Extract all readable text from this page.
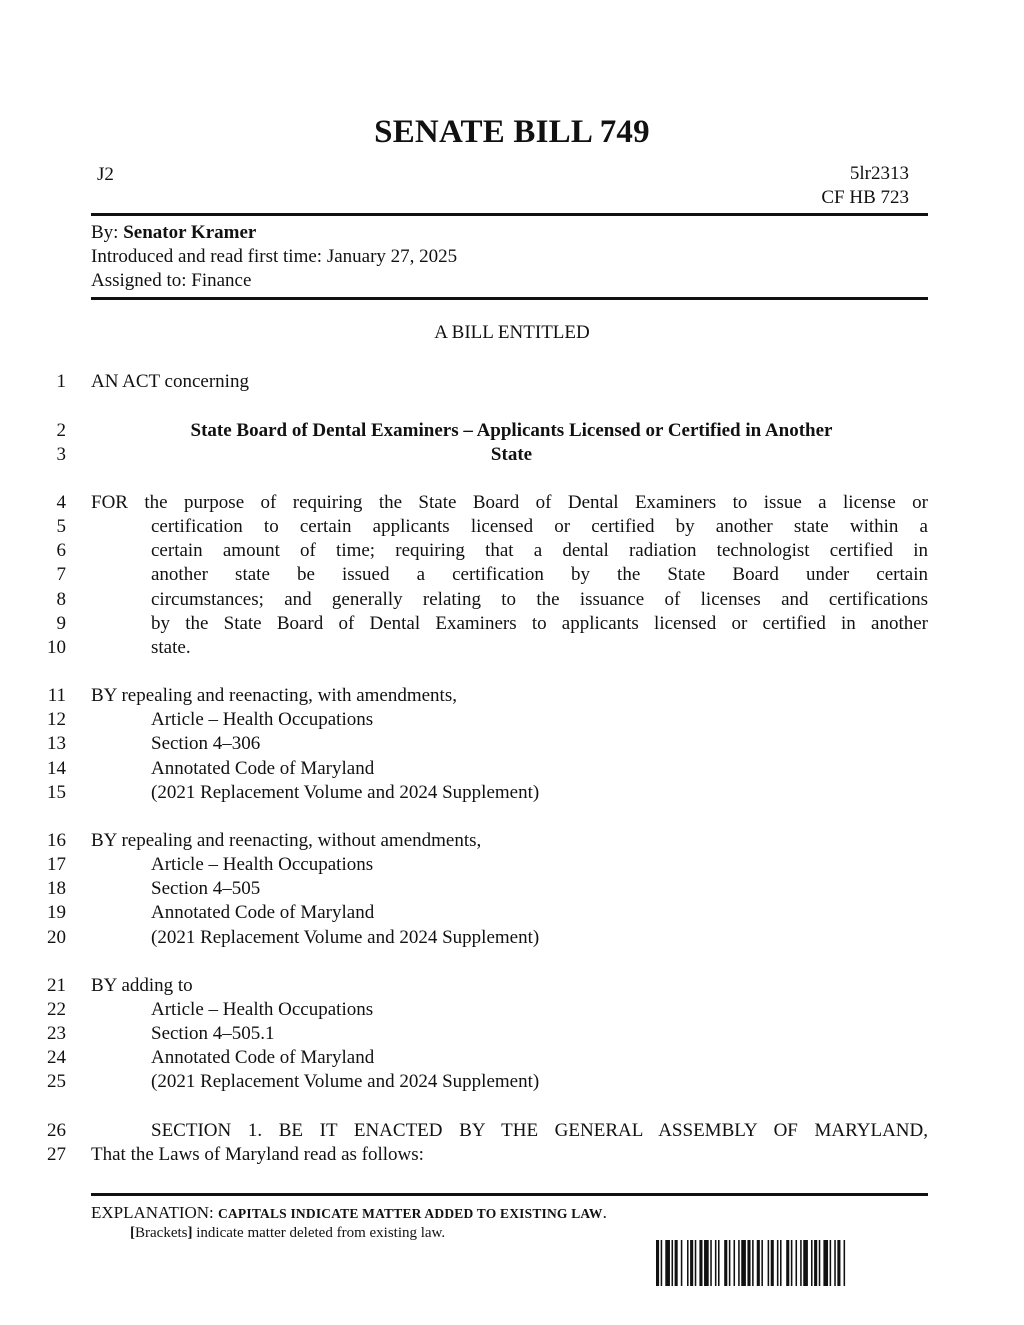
SENATE BILL 749
J2	5lr2313
CF HB 723
By: Senator Kramer
Introduced and read first time: January 27, 2025
Assigned to: Finance
A BILL ENTITLED
1 AN ACT concerning
2	State Board of Dental Examiners – Applicants Licensed or Certified in Another
3	State
4 FOR the purpose of requiring the State Board of Dental Examiners to issue a license or
5	certification to certain applicants licensed or certified by another state within a
6	certain amount of time; requiring that a dental radiation technologist certified in
7	another state be issued a certification by the State Board under certain
8	circumstances; and generally relating to the issuance of licenses and certifications
9	by the State Board of Dental Examiners to applicants licensed or certified in another
10	state.
11 BY repealing and reenacting, with amendments,
12	Article – Health Occupations
13	Section 4–306
14	Annotated Code of Maryland
15	(2021 Replacement Volume and 2024 Supplement)
16 BY repealing and reenacting, without amendments,
17	Article – Health Occupations
18	Section 4–505
19	Annotated Code of Maryland
20	(2021 Replacement Volume and 2024 Supplement)
21 BY adding to
22	Article – Health Occupations
23	Section 4–505.1
24	Annotated Code of Maryland
25	(2021 Replacement Volume and 2024 Supplement)
26	SECTION 1. BE IT ENACTED BY THE GENERAL ASSEMBLY OF MARYLAND,
27 That the Laws of Maryland read as follows:
EXPLANATION: CAPITALS INDICATE MATTER ADDED TO EXISTING LAW.
[Brackets] indicate matter deleted from existing law.
